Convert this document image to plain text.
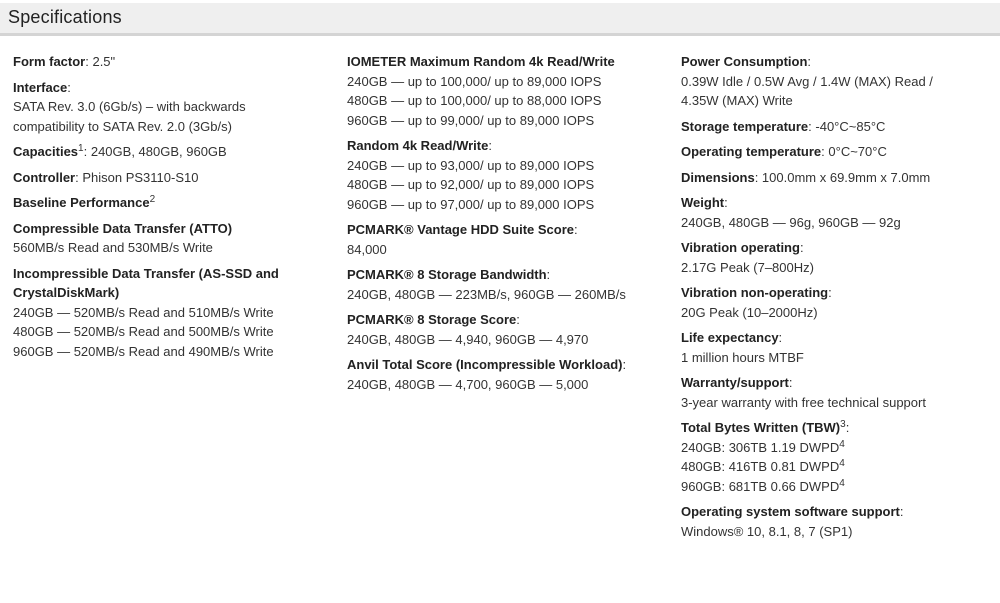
Specifications
Form factor: 2.5"
Interface:
SATA Rev. 3.0 (6Gb/s) – with backwards
compatibility to SATA Rev. 2.0 (3Gb/s)
Capacities$^1$: 240GB, 480GB, 960GB
Controller: Phison PS3110-S10
Baseline Performance$^2$
Compressible Data Transfer (ATTO)
560MB/s Read and 530MB/s Write
Incompressible Data Transfer (AS-SSD and CrystalDiskMark)
240GB — 520MB/s Read and 510MB/s Write
480GB — 520MB/s Read and 500MB/s Write
960GB — 520MB/s Read and 490MB/s Write
IOMETER Maximum Random 4k Read/Write
240GB — up to 100,000/ up to 89,000 IOPS
480GB — up to 100,000/ up to 88,000 IOPS
960GB — up to 99,000/ up to 89,000 IOPS
Random 4k Read/Write:
240GB — up to 93,000/ up to 89,000 IOPS
480GB — up to 92,000/ up to 89,000 IOPS
960GB — up to 97,000/ up to 89,000 IOPS
PCMARK® Vantage HDD Suite Score:
84,000
PCMARK® 8 Storage Bandwidth:
240GB, 480GB — 223MB/s, 960GB — 260MB/s
PCMARK® 8 Storage Score:
240GB, 480GB — 4,940, 960GB — 4,970
Anvil Total Score (Incompressible Workload):
240GB, 480GB — 4,700, 960GB — 5,000
Power Consumption:
0.39W Idle / 0.5W Avg / 1.4W (MAX) Read /
4.35W (MAX) Write
Storage temperature: -40°C~85°C
Operating temperature: 0°C~70°C
Dimensions: 100.0mm x 69.9mm x 7.0mm
Weight:
240GB, 480GB — 96g, 960GB — 92g
Vibration operating:
2.17G Peak (7–800Hz)
Vibration non-operating:
20G Peak (10–2000Hz)
Life expectancy:
1 million hours MTBF
Warranty/support:
3-year warranty with free technical support
Total Bytes Written (TBW)$^3$:
240GB: 306TB 1.19 DWPD$^4$
480GB: 416TB 0.81 DWPD$^4$
960GB: 681TB 0.66 DWPD$^4$
Operating system software support:
Windows® 10, 8.1, 8, 7 (SP1)
